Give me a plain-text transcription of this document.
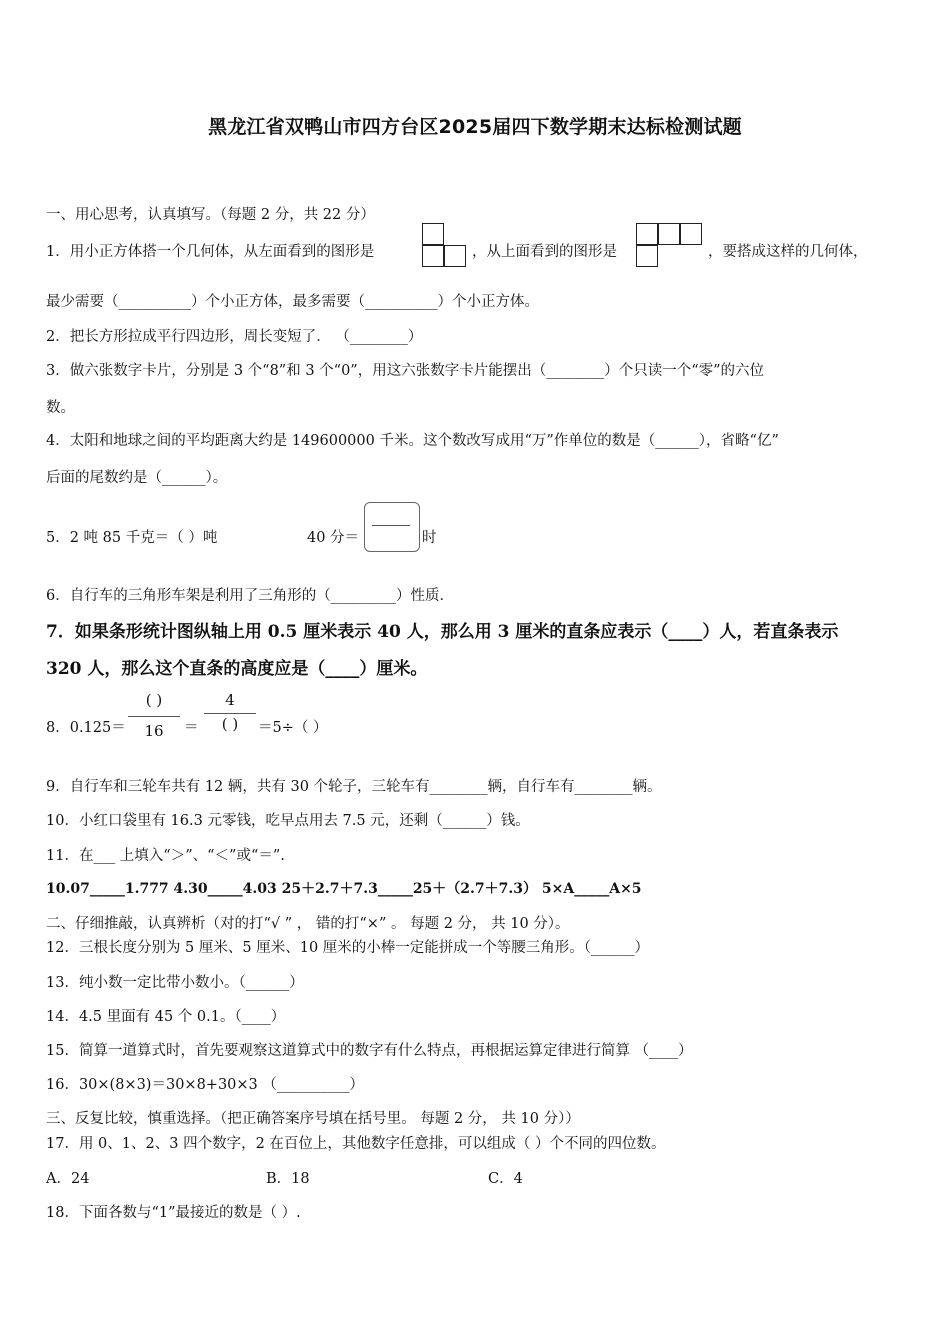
黑龙江省双鸭山市四方台区2025届四下数学期末达标检测试题
一、用心思考，认真填写。（每题 2 分，共 22 分）
1．用小正方体搭一个几何体，从左面看到的图形是	，从上面看到的图形是	，要搭成这样的几何体，
最少需要（__________）个小正方体，最多需要（__________）个小正方体。
2．把长方形拉成平行四边形，周长变短了． （________）
3．做六张数字卡片，分别是 3 个“8”和 3 个“0”，用这六张数字卡片能摆出（________）个只读一个“零”的六位
数。
4．太阳和地球之间的平均距离大约是 149600000 千米。这个数改写成用“万”作单位的数是（______），省略“亿”
后面的尾数约是（______）。
5．2 吨 85 千克＝（ ）吨	40 分＝	时
6．自行车的三角形车架是利用了三角形的（_________）性质．
7．如果条形统计图纵轴上用 0.5 厘米表示 40 人，那么用 3 厘米的直条应表示（____）人，若直条表示
320 人，那么这个直条的高度应是（____）厘米。
8．0.125＝
( )
16	＝
4
( )	＝5÷（ ）
9．自行车和三轮车共有 12 辆，共有 30 个轮子，三轮车有________辆，自行车有________辆。
10．小红口袋里有 16.3 元零钱，吃早点用去 7.5 元，还剩（______）钱。
11．在___ 上填入“＞”、“＜”或“＝”.
10.07_____1.777 4.30_____4.03 25＋2.7＋7.3_____25＋（2.7＋7.3） 5×A_____A×5
二、仔细推敲，认真辨析（对的打“√ ” ， 错的打“×” 。 每题 2 分， 共 10 分）。
12．三根长度分别为 5 厘米、5 厘米、10 厘米的小棒一定能拼成一个等腰三角形。（______）
13．纯小数一定比带小数小。（______）
14．4.5 里面有 45 个 0.1。（____）
15．简算一道算式时，首先要观察这道算式中的数字有什么特点，再根据运算定律进行简算 （____）
16．30×(8×3)＝30×8+30×3 （__________）
三、反复比较，慎重选择。（把正确答案序号填在括号里。 每题 2 分， 共 10 分））
17．用 0、1、2、3 四个数字，2 在百位上，其他数字任意排，可以组成（ ）个不同的四位数。
A．24	B．18	C．4
18．下面各数与“1”最接近的数是（ ）.
